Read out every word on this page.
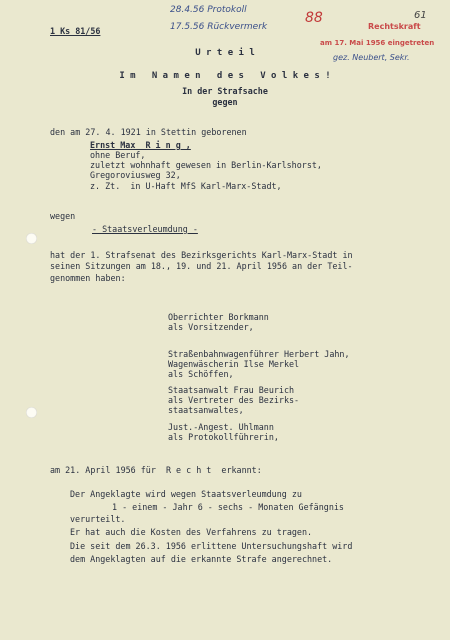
1 Ks 81/56
28.4.56 Protokoll
17.5.56 Rückvermerk
88	61
Rechtskraft
am 17. Mai 1956 eingetreten
gez. Neubert, Sekr.
U r t e i l
I m   N a m e n   d e s   V o l k e s !
In der Strafsache
gegen
den am 27. 4. 1921 in Stettin geborenen
Ernst Max  R i n g ,
ohne Beruf,
zuletzt wohnhaft gewesen in Berlin-Karlshorst,
Gregoroviusweg 32,
z. Zt.  in U-Haft MfS Karl-Marx-Stadt,
wegen
- Staatsverleumdung -
hat der 1. Strafsenat des Bezirksgerichts Karl-Marx-Stadt in
seinen Sitzungen am 18., 19. und 21. April 1956 an der Teil-
genommen haben:
Oberrichter Borkmann
als Vorsitzender,
Straßenbahnwagenführer Herbert Jahn,
Wagenwäscherin Ilse Merkel
als Schöffen,
Staatsanwalt Frau Beurich
als Vertreter des Bezirks-
staatsanwaltes,
Just.-Angest. Uhlmann
als Protokollführerin,
am 21. April 1956 für  R e c h t  erkannt:
Der Angeklagte wird wegen Staatsverleumdung zu
1 - einem - Jahr 6 - sechs - Monaten Gefängnis
verurteilt.
Er hat auch die Kosten des Verfahrens zu tragen.
Die seit dem 26.3. 1956 erlittene Untersuchungshaft wird
dem Angeklagten auf die erkannte Strafe angerechnet.
